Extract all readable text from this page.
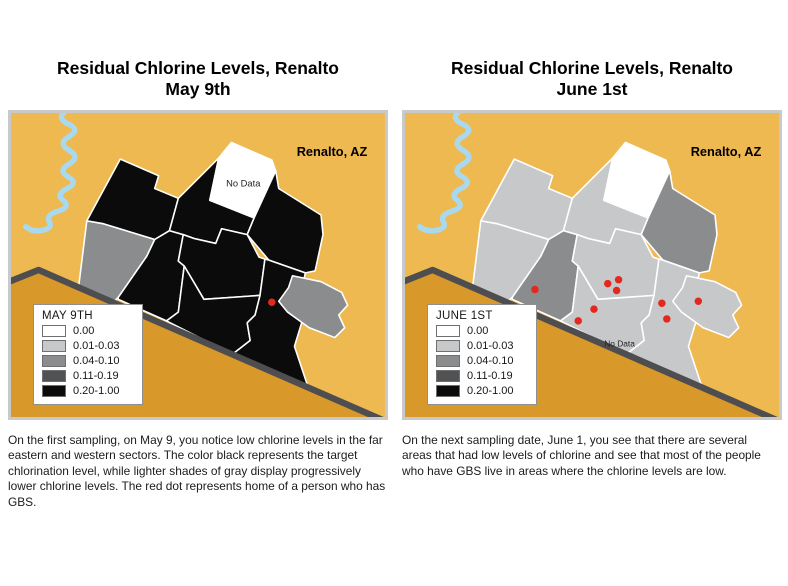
Residual Chlorine Levels, Renalto
May 9th
No Data
Renalto, AZ
MAY 9TH
0.00
0.01-0.03
0.04-0.10
0.11-0.19
0.20-1.00
On the first sampling, on May 9, you notice low chlorine levels in the far eastern and western sectors. The color black represents the target chlorination level, while lighter shades of gray display progressively lower chlorine levels. The red dot represents home of a person who has GBS.
Residual Chlorine Levels, Renalto
June 1st
No Data
Renalto, AZ
JUNE 1ST
0.00
0.01-0.03
0.04-0.10
0.11-0.19
0.20-1.00
On the next sampling date, June 1, you see that there are several areas that had low levels of chlorine and see that most of the people who have GBS live in areas where the chlorine levels are low.
